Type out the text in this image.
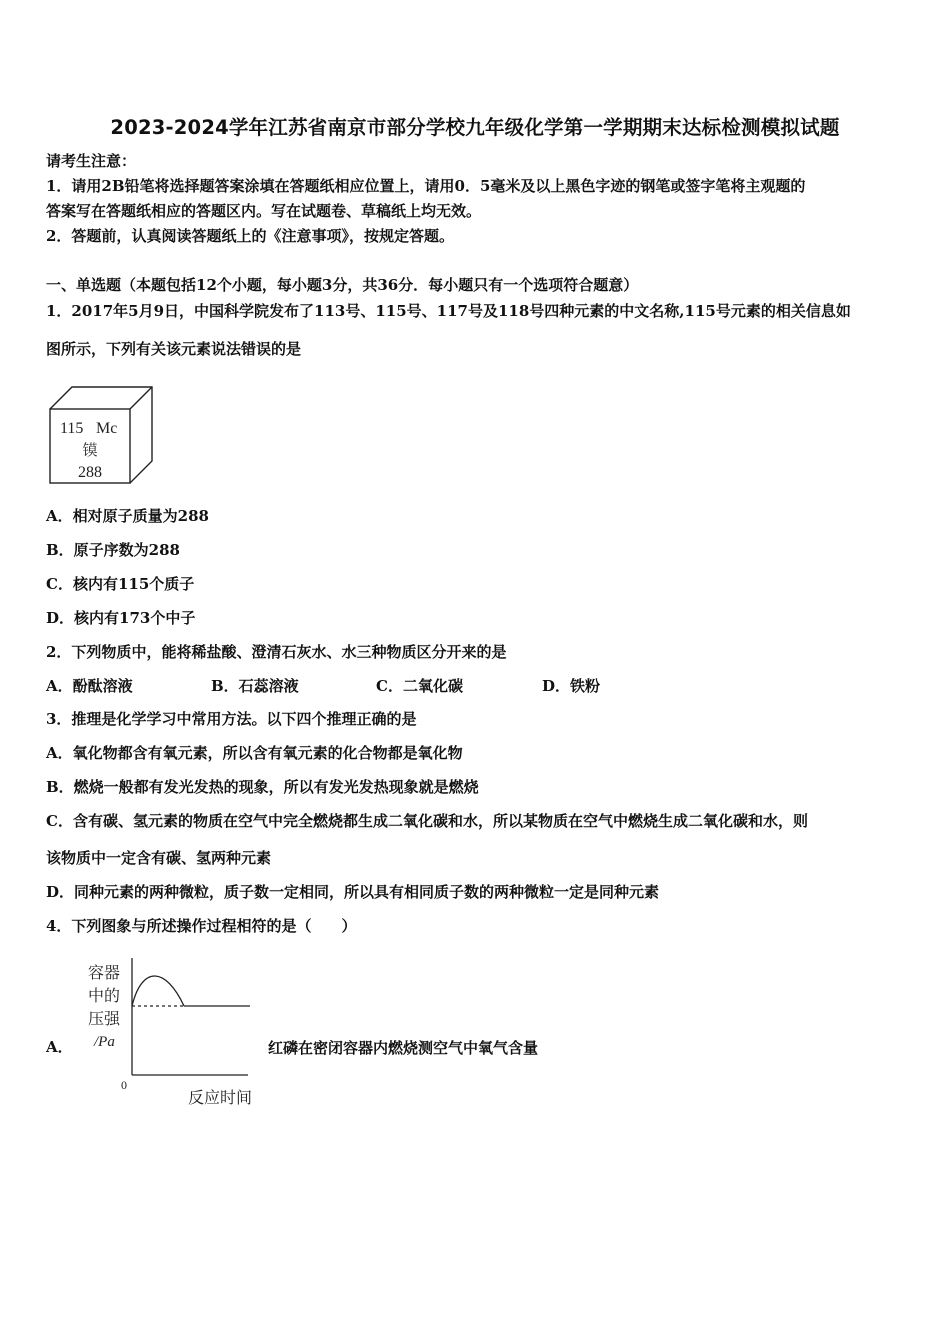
2023-2024学年江苏省南京市部分学校九年级化学第一学期期末达标检测模拟试题
请考生注意：
1．请用2B铅笔将选择题答案涂填在答题纸相应位置上，请用0．5毫米及以上黑色字迹的钢笔或签字笔将主观题的
答案写在答题纸相应的答题区内。写在试题卷、草稿纸上均无效。
2．答题前，认真阅读答题纸上的《注意事项》，按规定答题。
一、单选题（本题包括12个小题，每小题3分，共36分．每小题只有一个选项符合题意）
1．2017年5月9日，中国科学院发布了113号、115号、117号及118号四种元素的中文名称,115号元素的相关信息如
图所示，下列有关该元素说法错误的是
115 Mc
镆
288
A．相对原子质量为288
B．原子序数为288
C．核内有115个质子
D．核内有173个中子
2．下列物质中，能将稀盐酸、澄清石灰水、水三种物质区分开来的是
A．酚酞溶液	B．石蕊溶液	C．二氧化碳	D．铁粉
3．推理是化学学习中常用方法。以下四个推理正确的是
A．氧化物都含有氧元素，所以含有氧元素的化合物都是氧化物
B．燃烧一般都有发光发热的现象，所以有发光发热现象就是燃烧
C．含有碳、氢元素的物质在空气中完全燃烧都生成二氧化碳和水，所以某物质在空气中燃烧生成二氧化碳和水，则
该物质中一定含有碳、氢两种元素
D．同种元素的两种微粒，质子数一定相同，所以具有相同质子数的两种微粒一定是同种元素
4．下列图象与所述操作过程相符的是（　　）
A．
容器
中的
压强
/Pa
0
反应时间
红磷在密闭容器内燃烧测空气中氧气含量
